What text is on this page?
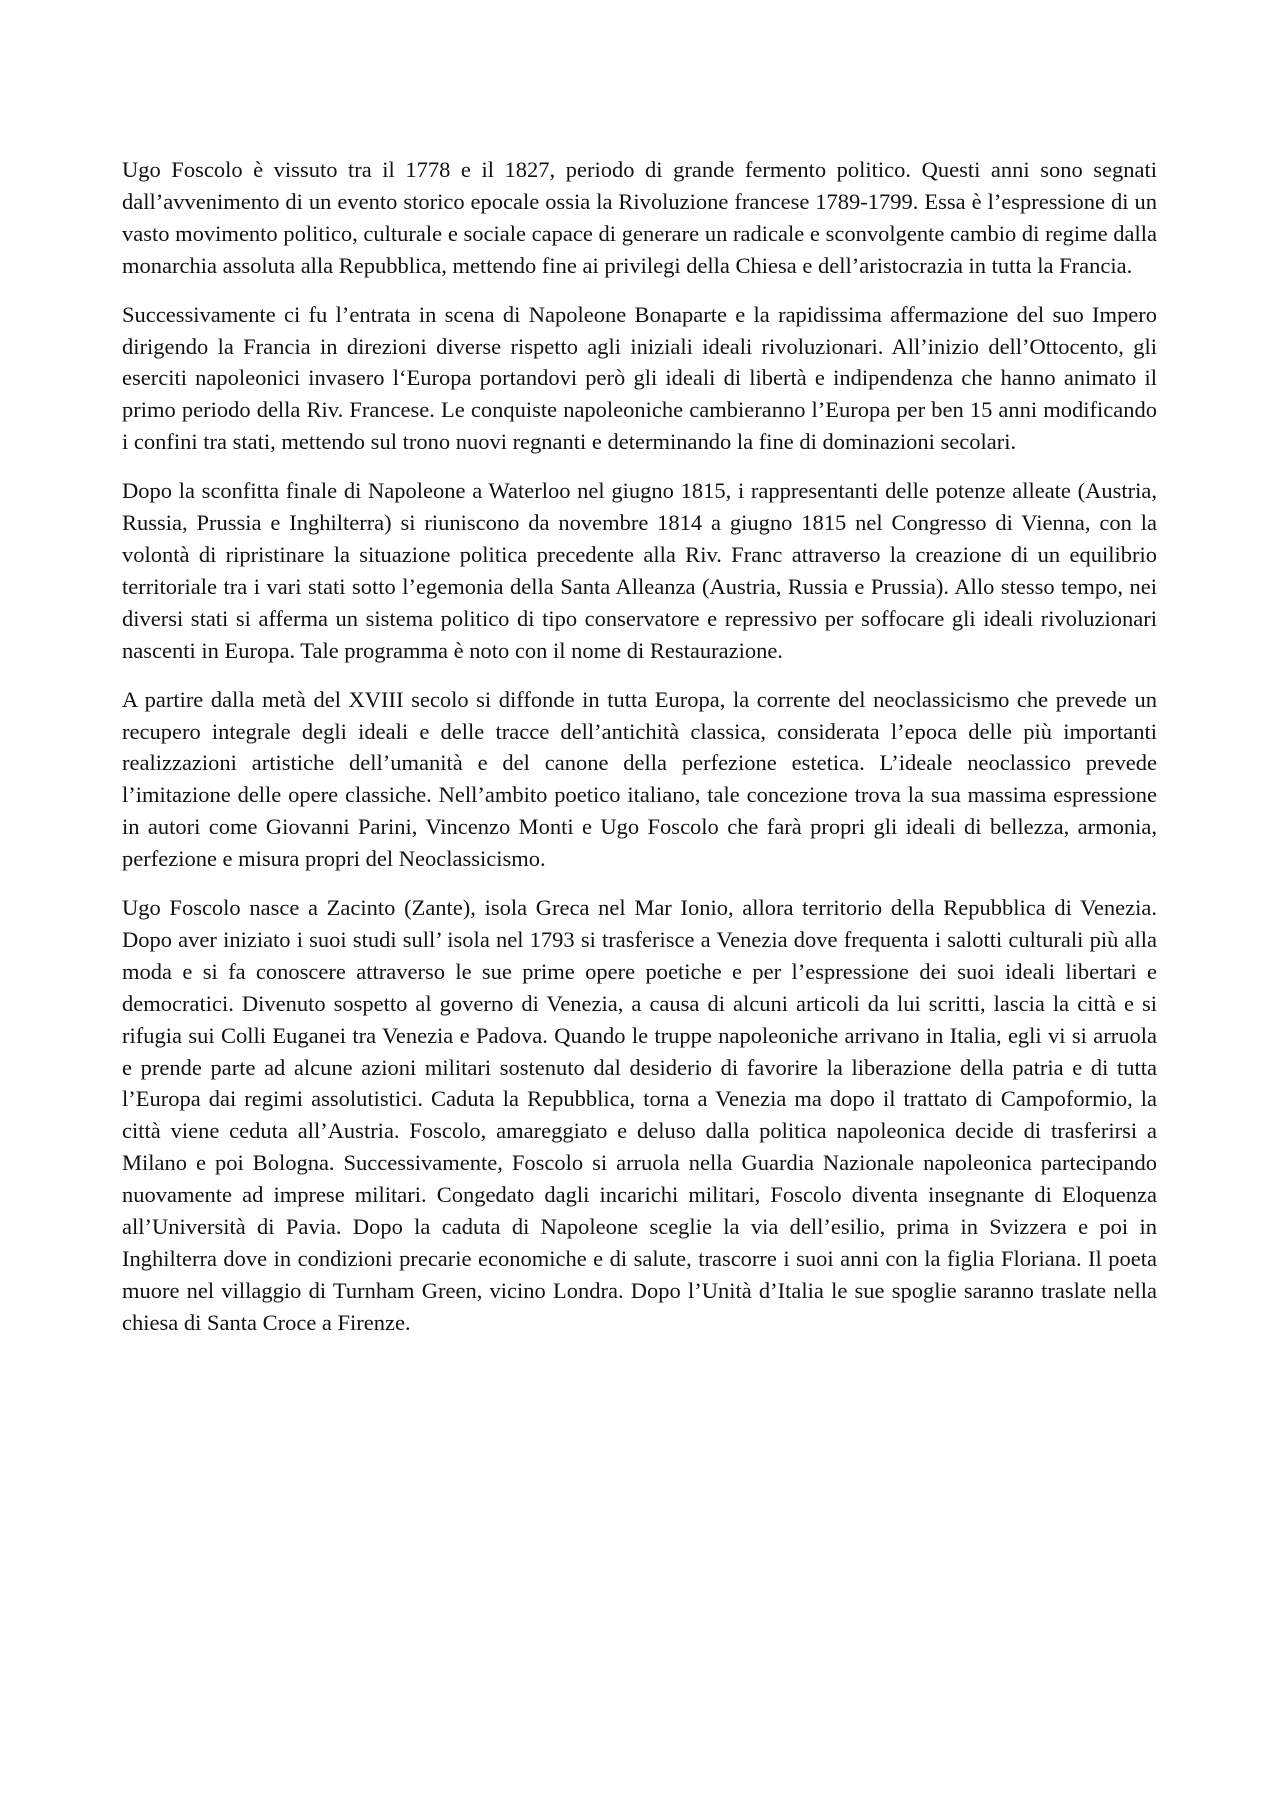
Ugo Foscolo è vissuto tra il 1778 e il 1827, periodo di grande fermento politico. Questi anni sono segnati dall’avvenimento di un evento storico epocale ossia la Rivoluzione francese 1789-1799. Essa è l’espressione di un vasto movimento politico, culturale e sociale capace di generare un radicale e sconvolgente cambio di regime dalla monarchia assoluta alla Repubblica, mettendo fine ai privilegi della Chiesa e dell’aristocrazia in tutta la Francia.

Successivamente ci fu l’entrata in scena di Napoleone Bonaparte e la rapidissima affermazione del suo Impero dirigendo la Francia in direzioni diverse rispetto agli iniziali ideali rivoluzionari. All’inizio dell’Ottocento, gli eserciti napoleonici invasero l‘Europa portandovi però gli ideali di libertà e indipendenza che hanno animato il primo periodo della Riv. Francese. Le conquiste napoleoniche cambieranno l’Europa per ben 15 anni modificando i confini tra stati, mettendo sul trono nuovi regnanti e determinando la fine di dominazioni secolari.

Dopo la sconfitta finale di Napoleone a Waterloo nel giugno 1815, i rappresentanti delle potenze alleate (Austria, Russia, Prussia e Inghilterra) si riuniscono da novembre 1814 a giugno 1815 nel Congresso di Vienna, con la volontà di ripristinare la situazione politica precedente alla Riv. Franc attraverso la creazione di un equilibrio territoriale tra i vari stati sotto l’egemonia della Santa Alleanza (Austria, Russia e Prussia). Allo stesso tempo, nei diversi stati si afferma un sistema politico di tipo conservatore e repressivo per soffocare gli ideali rivoluzionari nascenti in Europa. Tale programma è noto con il nome di Restaurazione.

A partire dalla metà del XVIII secolo si diffonde in tutta Europa, la corrente del neoclassicismo che prevede un recupero integrale degli ideali e delle tracce dell’antichità classica, considerata l’epoca delle più importanti realizzazioni artistiche dell’umanità e del canone della perfezione estetica. L’ideale neoclassico prevede l’imitazione delle opere classiche. Nell’ambito poetico italiano, tale concezione trova la sua massima espressione in autori come Giovanni Parini, Vincenzo Monti e Ugo Foscolo che farà propri gli ideali di bellezza, armonia, perfezione e misura propri del Neoclassicismo.

Ugo Foscolo nasce a Zacinto (Zante), isola Greca nel Mar Ionio, allora territorio della Repubblica di Venezia. Dopo aver iniziato i suoi studi sull’ isola nel 1793 si trasferisce a Venezia dove frequenta i salotti culturali più alla moda e si fa conoscere attraverso le sue prime opere poetiche e per l’espressione dei suoi ideali libertari e democratici. Divenuto sospetto al governo di Venezia, a causa di alcuni articoli da lui scritti, lascia la città e si rifugia sui Colli Euganei tra Venezia e Padova. Quando le truppe napoleoniche arrivano in Italia, egli vi si arruola e prende parte ad alcune azioni militari sostenuto dal desiderio di favorire la liberazione della patria e di tutta l’Europa dai regimi assolutistici. Caduta la Repubblica, torna a Venezia ma dopo il trattato di Campoformio, la città viene ceduta all’Austria. Foscolo, amareggiato e deluso dalla politica napoleonica decide di trasferirsi a Milano e poi Bologna. Successivamente, Foscolo si arruola nella Guardia Nazionale napoleonica partecipando nuovamente ad imprese militari. Congedato dagli incarichi militari, Foscolo diventa insegnante di Eloquenza all’Università di Pavia. Dopo la caduta di Napoleone sceglie la via dell’esilio, prima in Svizzera e poi in Inghilterra dove in condizioni precarie economiche e di salute, trascorre i suoi anni con la figlia Floriana. Il poeta muore nel villaggio di Turnham Green, vicino Londra. Dopo l’Unità d’Italia le sue spoglie saranno traslate nella chiesa di Santa Croce a Firenze.
